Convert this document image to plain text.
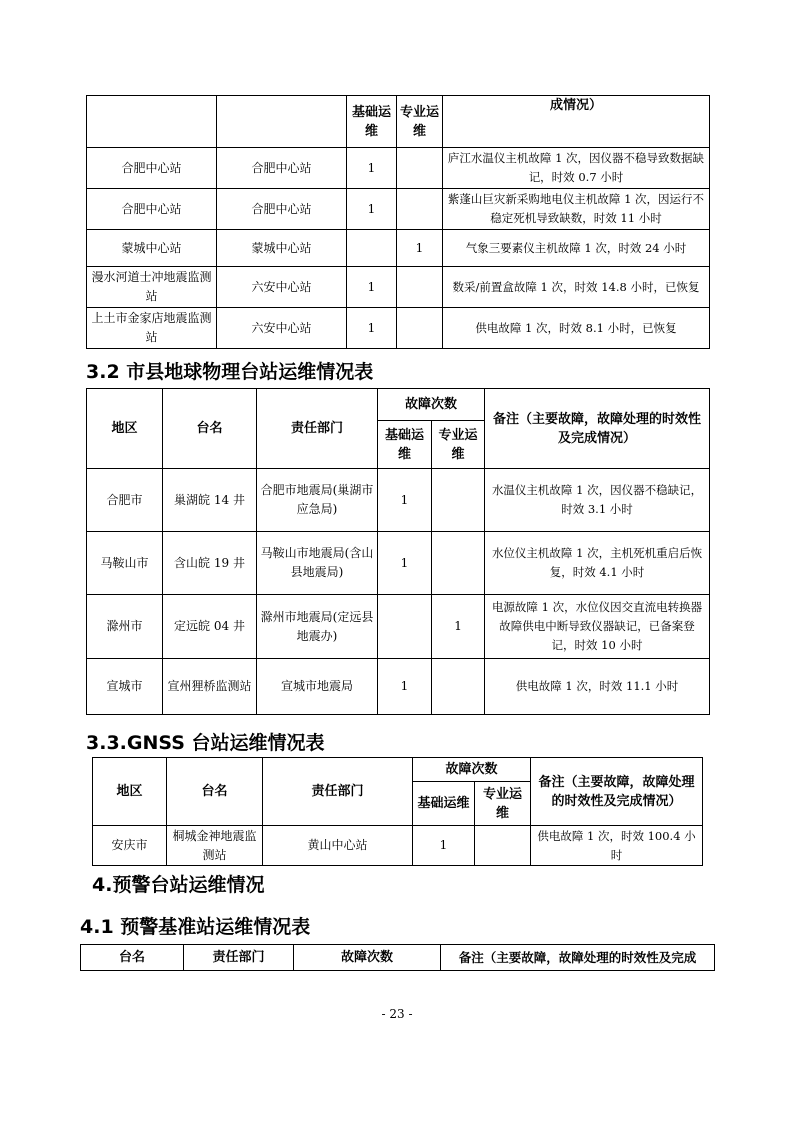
		基础运维	专业运维	成情况）
合肥中心站	合肥中心站	1		庐江水温仪主机故障 1 次，因仪器不稳导致数据缺记，时效 0.7 小时
合肥中心站	合肥中心站	1		紫蓬山巨灾新采购地电仪主机故障 1 次，因运行不稳定死机导致缺数，时效 11 小时
蒙城中心站	蒙城中心站		1	气象三要素仪主机故障 1 次，时效 24 小时
漫水河道士冲地震监测站	六安中心站	1		数采/前置盒故障 1 次，时效 14.8 小时，已恢复
上土市金家店地震监测站	六安中心站	1		供电故障 1 次，时效 8.1 小时，已恢复
3.2 市县地球物理台站运维情况表
地区	台名	责任部门	故障次数		备注（主要故障，故障处理的时效性及完成情况）
			基础运维	专业运维	
合肥市	巢湖皖 14 井	合肥市地震局(巢湖市应急局)	1		水温仪主机故障 1 次，因仪器不稳缺记，时效 3.1 小时
马鞍山市	含山皖 19 井	马鞍山市地震局(含山县地震局)	1		水位仪主机故障 1 次，主机死机重启后恢复，时效 4.1 小时
滁州市	定远皖 04 井	滁州市地震局(定远县地震办)		1	电源故障 1 次，水位仪因交直流电转换器故障供电中断导致仪器缺记，已备案登记，时效 10 小时
宣城市	宣州狸桥监测站	宣城市地震局	1		供电故障 1 次，时效 11.1 小时
3.3.GNSS 台站运维情况表
地区	台名	责任部门	故障次数		备注（主要故障，故障处理的时效性及完成情况）
			基础运维	专业运维	
安庆市	桐城金神地震监测站	黄山中心站	1		供电故障 1 次，时效 100.4 小时
4.预警台站运维情况
4.1 预警基准站运维情况表
台名	责任部门	故障次数	备注（主要故障，故障处理的时效性及完成
- 23 -
